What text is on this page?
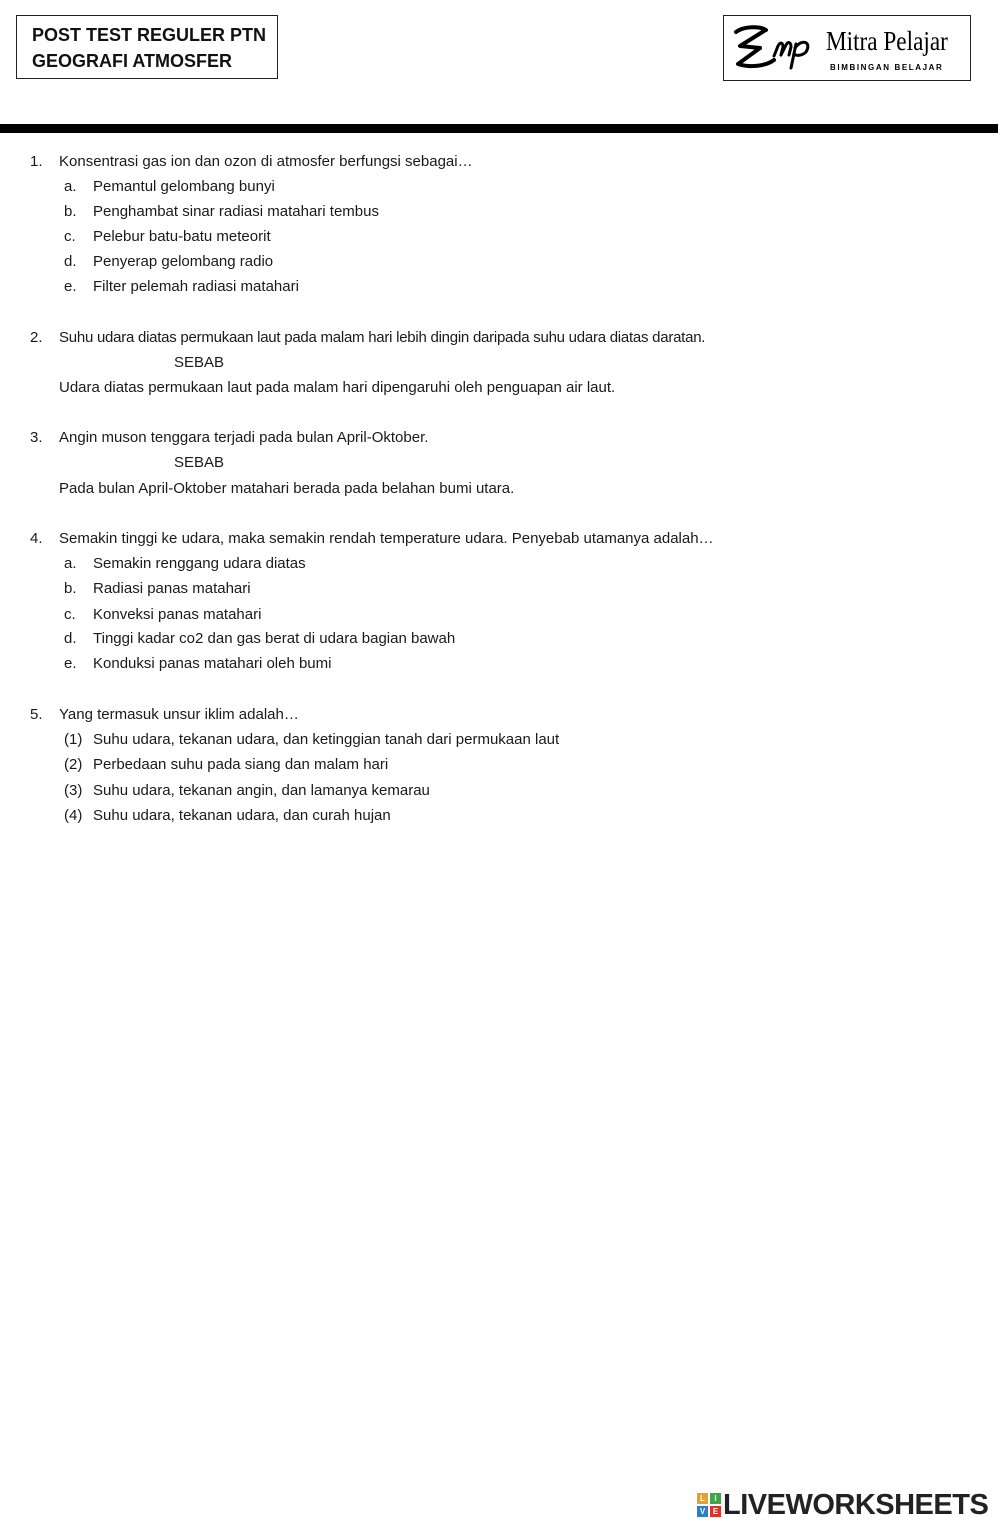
POST TEST REGULER PTN
GEOGRAFI ATMOSFER
Mitra Pelajar
BIMBINGAN BELAJAR
1. Konsentrasi gas ion dan ozon di atmosfer berfungsi sebagai…
a. Pemantul gelombang bunyi
b. Penghambat sinar radiasi matahari tembus
c. Pelebur batu-batu meteorit
d. Penyerap gelombang radio
e. Filter pelemah radiasi matahari
2. Suhu udara diatas permukaan laut pada malam hari lebih dingin daripada suhu udara diatas daratan.
SEBAB
Udara diatas permukaan laut pada malam hari dipengaruhi oleh penguapan air laut.
3. Angin muson tenggara terjadi pada bulan April-Oktober.
SEBAB
Pada bulan April-Oktober matahari berada pada belahan bumi utara.
4. Semakin tinggi ke udara, maka semakin rendah temperature udara. Penyebab utamanya adalah…
a. Semakin renggang udara diatas
b. Radiasi panas matahari
c. Konveksi panas matahari
d. Tinggi kadar co2 dan gas berat di udara bagian bawah
e. Konduksi panas matahari oleh bumi
5. Yang termasuk unsur iklim adalah…
(1) Suhu udara, tekanan udara, dan ketinggian tanah dari permukaan laut
(2) Perbedaan suhu pada siang dan malam hari
(3) Suhu udara, tekanan angin, dan lamanya kemarau
(4) Suhu udara, tekanan udara, dan curah hujan
L	I
V E LIVEWORKSHEETS
